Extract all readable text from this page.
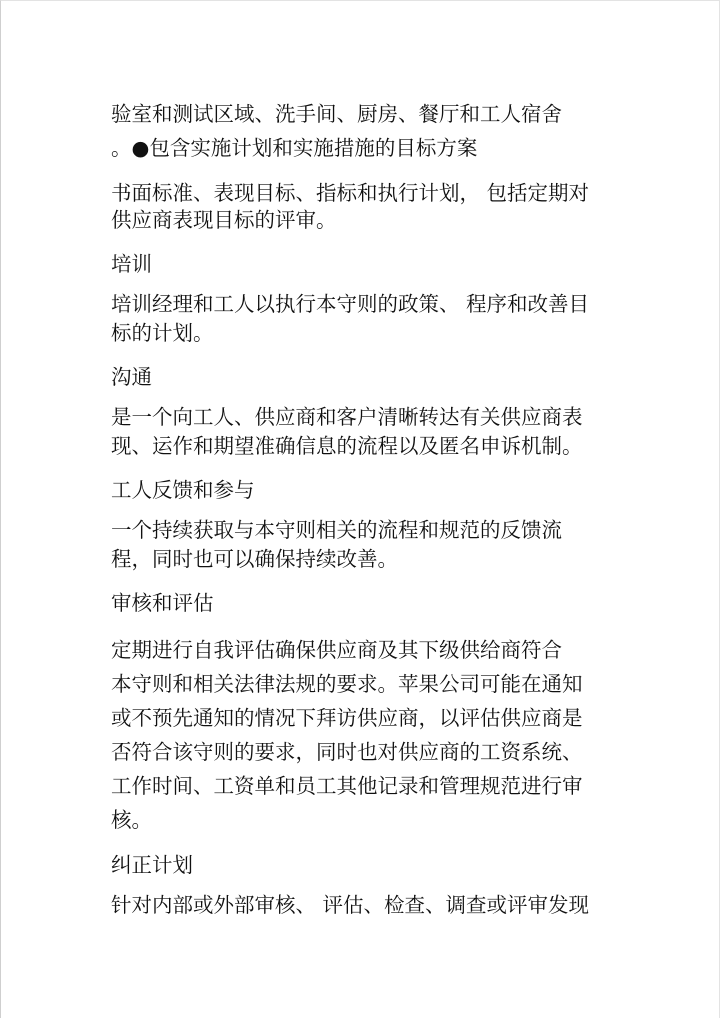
验室和测试区域、洗手间、厨房、餐厅和工人宿舍
。●包含实施计划和实施措施的目标方案
书面标准、表现目标、指标和执行计划， 包括定期对
供应商表现目标的评审。
培训
培训经理和工人以执行本守则的政策、 程序和改善目
标的计划。
沟通
是一个向工人、供应商和客户清晰转达有关供应商表
现、运作和期望准确信息的流程以及匿名申诉机制。
工人反馈和参与
一个持续获取与本守则相关的流程和规范的反馈流
程，同时也可以确保持续改善。
审核和评估
定期进行自我评估确保供应商及其下级供给商符合
本守则和相关法律法规的要求。苹果公司可能在通知
或不预先通知的情况下拜访供应商，以评估供应商是
否符合该守则的要求，同时也对供应商的工资系统、
工作时间、工资单和员工其他记录和管理规范进行审
核。
纠正计划
针对内部或外部审核、 评估、检查、调查或评审发现
